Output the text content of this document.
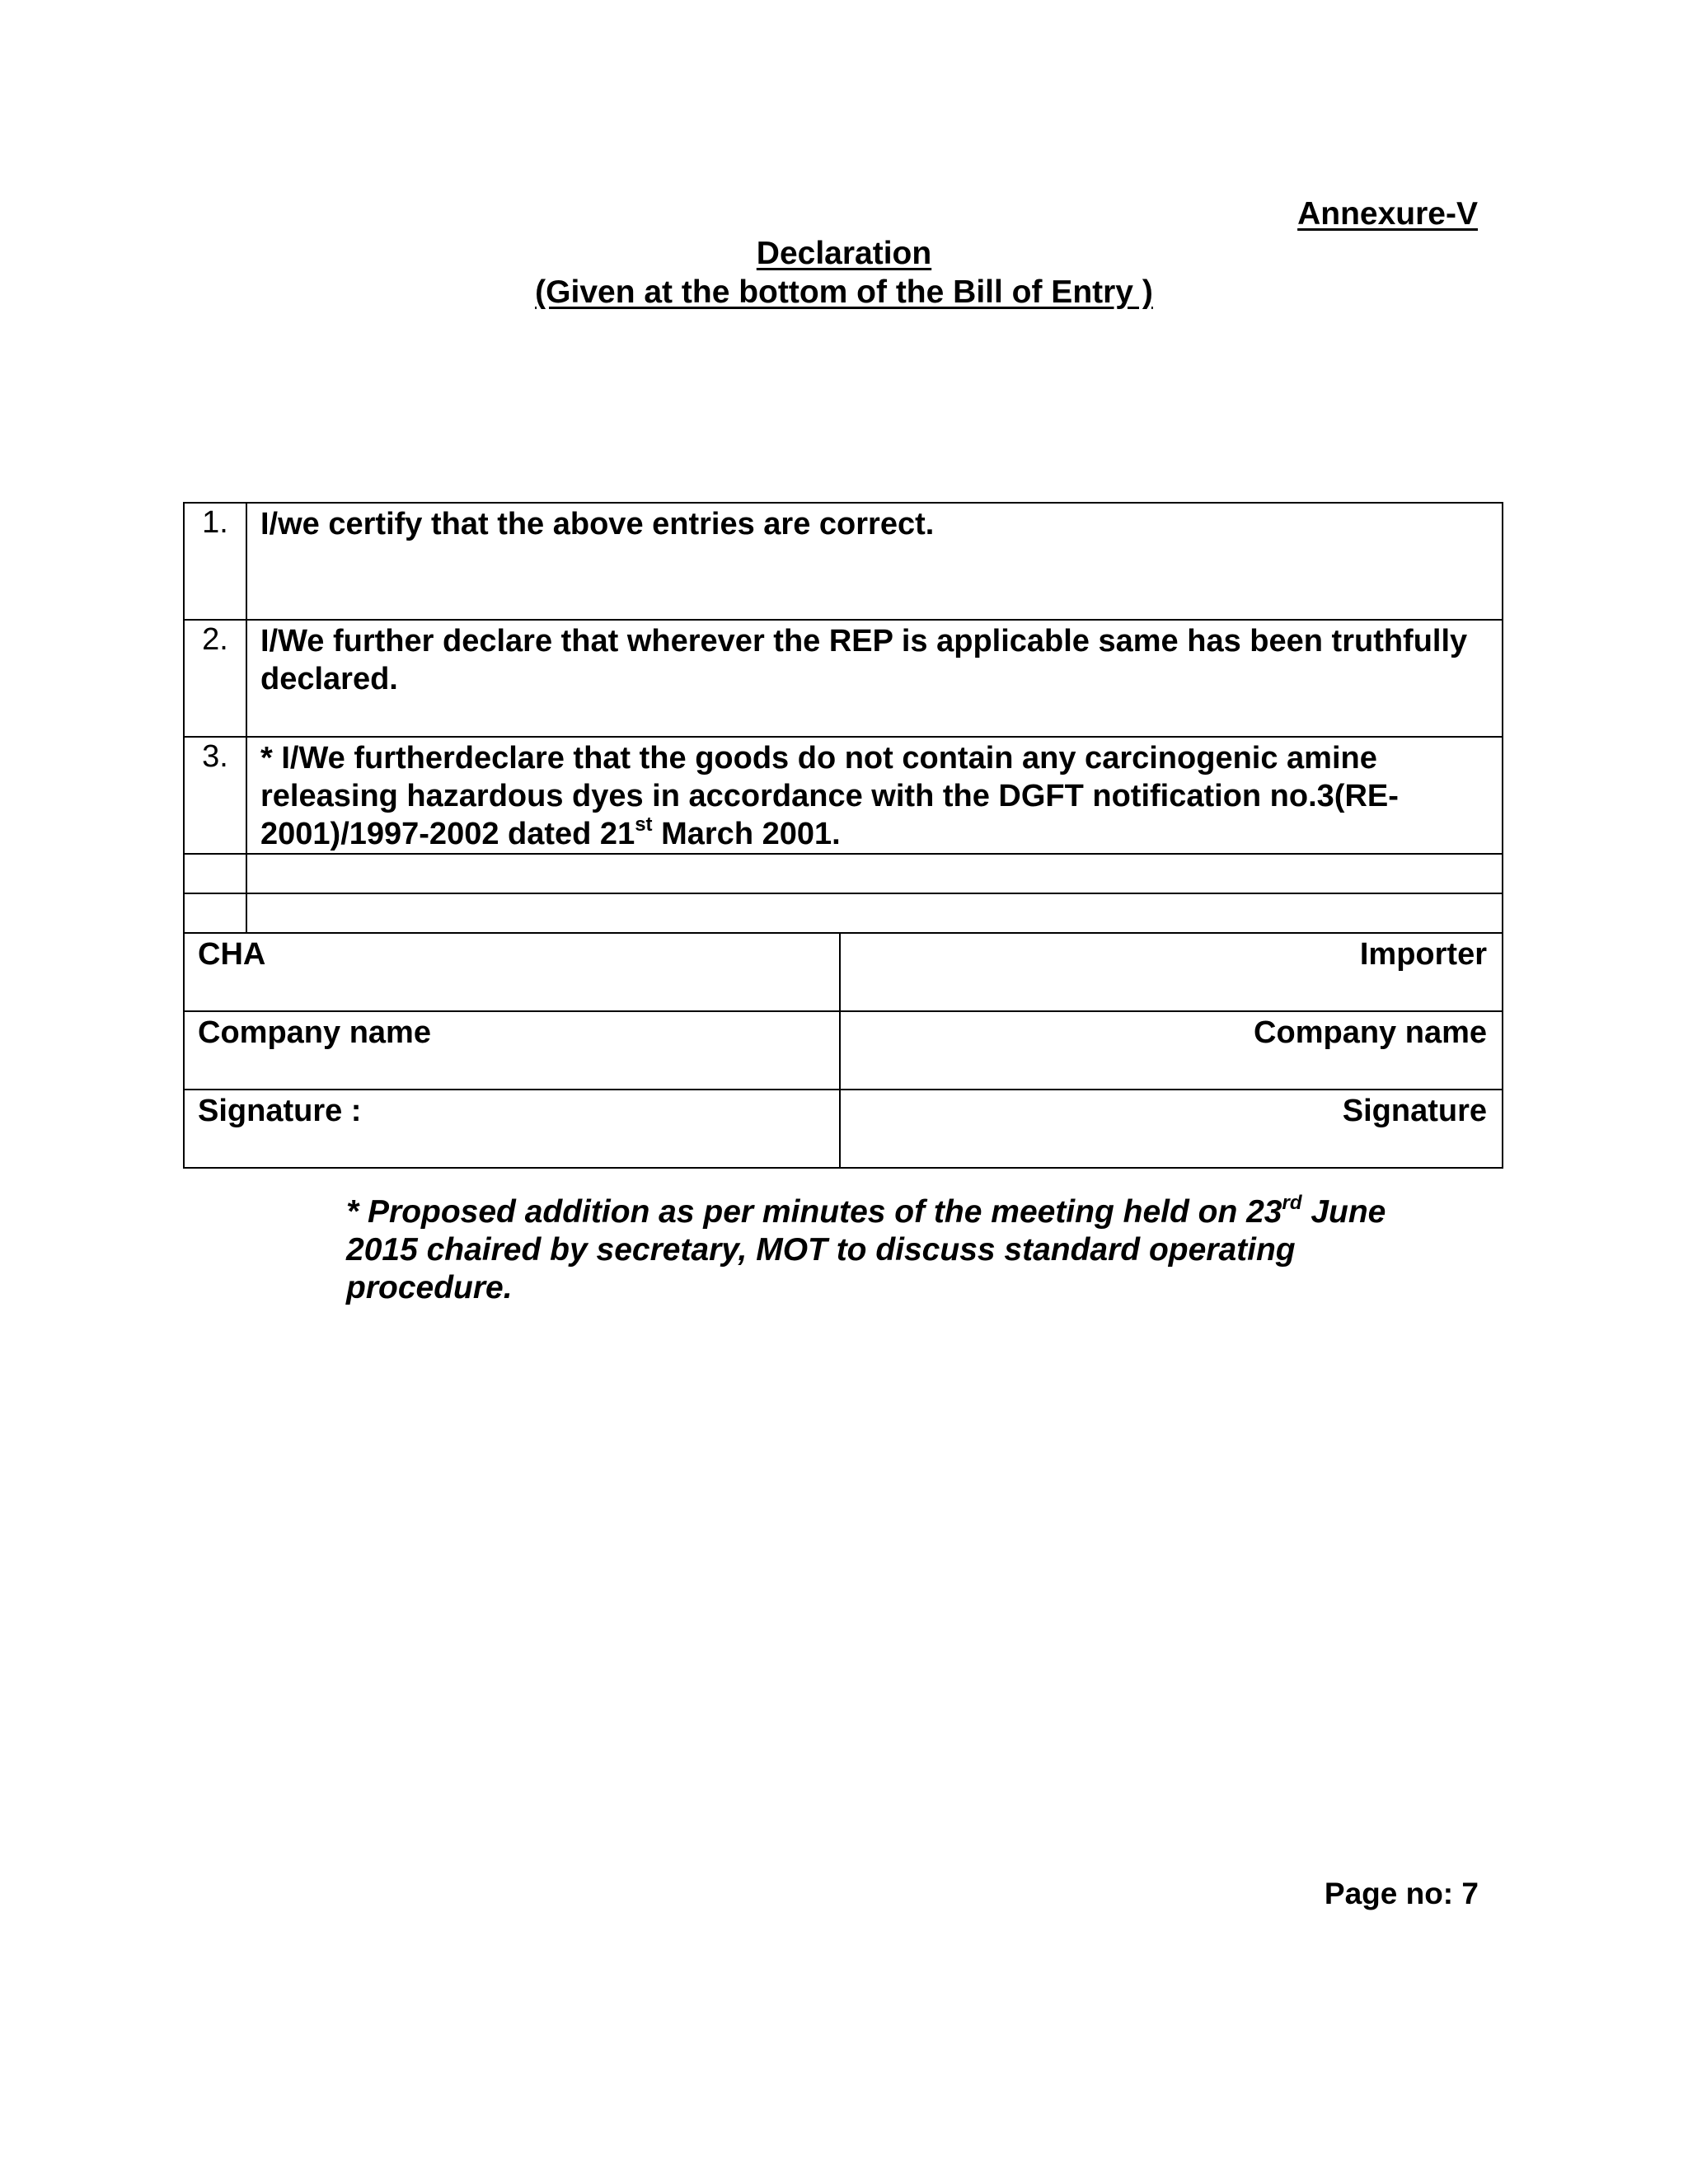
Annexure-V
Declaration
(Given at the bottom of the Bill of Entry )
1.	I/we certify that the above entries are correct.	
2.	I/We further declare that wherever the REP is applicable same has been truthfully declared.	
3.	* I/We furtherdeclare that the goods do not contain any carcinogenic amine releasing hazardous dyes in accordance with the DGFT notification no.3(RE-2001)/1997-2002 dated 21st March 2001.	

CHA		Importer
Company name		Company name
Signature :		Signature
* Proposed addition as per minutes of the meeting held on 23rd June 2015 chaired by secretary, MOT to discuss standard operating procedure.
Page no: 7
